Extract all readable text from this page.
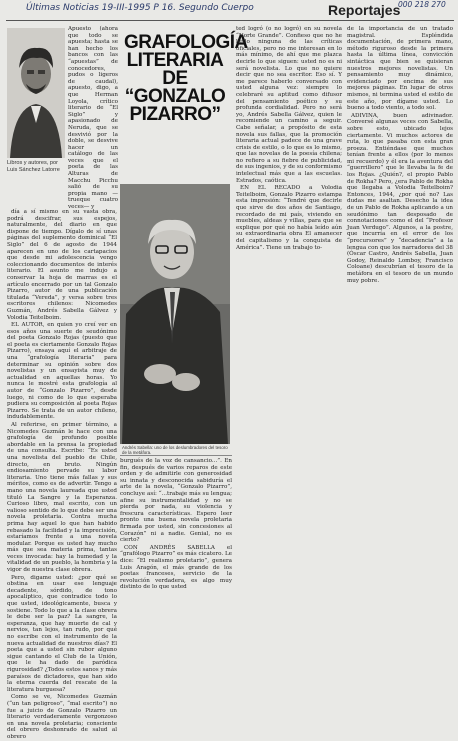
Últimas Noticias 19-III-1995 P 16. Segundo Cuerpo	000 218 270
Reportajes
Libros y autores, por Luis Sánchez Latorre

Apuesto (ahora que todo se apuesta; hasta se han hecho los bancos con las “apuestas” de conocedores, pudos o ligeros de caudal), apuesto, digo, a que Herman Loyola, crítico literario de “El Siglo” y apasionado de Neruda, que se desvivió por la doble, se desvive hacer un catálogo de las veces que el poeta de las Alturas de Macchu Picchu salió de su propia mano —trueque cuatro veces— y

día a sí mismo en su vasta obra, podrá descifrar, sus espejos, naturalmente, del diario en que dispone de tiempo. Dígalo de sí unas páginas del suplemento dominical “El Siglo” del 6 de agosto de 1944 aparecen en uno de los cartapacios que desde mi adolescencia vengo coleccionando documentos de interés literario. El asunto me indujo a conservar la hoja de marras es el artículo encerrado por un tal Gonzalo Pizarro, autor de una publicación titulada “Vereda”, y versa sobre tres escritores chilenos: Nicomedes Guzmán, Andrés Sabella Gálvez y Volodia Teitelboim.

EL AUTOR, en quien yo creí ver en esos años una suerte de seudónimo del poeta Gonzalo Rojas (puesto que el poeta es ciertamente Gonzalo Rojas Pizarro), ensaya aquí el arbitraje de una “grafología literaria” para determinar su opinión sobre dos novelistas y un ensayista muy de actualidad en aquellas horas. Yo nunca le mostré esta grafología al autor de “Gonzalo Pizarro”, desde luego, ni como de lo que esperaba pudiera su composición al poeta Rojas Pizarro. Se trata de un autor chileno, indudablemente.

Al referirse, en primer término, a Nicomedes Guzmán le hace con una grafología de profundo posible abordable en la prensa la propiedad de una consulta. Escribe: “Es usted una novelista del pueblo de Chile, directo, en bruto. Ningún endiosamiento pervade su labor literaria. Uno tiene más fallas y sus méritos, como es de advertir. Tengo a mano una novela laureada que usted tituló La Sangre y la Esperanza. Curioso libro, mal escrito, con un valioso sentido de lo que debe ser una novela proletaria. Contra mucha prima hay aquel lo que han habido rebasado la facilidad y la imprecisión, estaríamos frente a una novela modular. Porque es usted hay mucho más que sea materia prima, tantas veces invocada: hay la humedad y la vitalidad de un pueblo, la hombría y la vigor de nuestra clase obrera.

Pero, digame usted: ¿por qué se obstina en usar ese lenguaje decadente, sórdido, de tono apocalíptico, que contradice todo lo que usted, ideológicamente, busca y sostiene. Todo lo que a la clase obrera le debe ser la paz? La sangre, la esperanza, que hay muerte de cal y nervios, tan lejos, tan rudo, por qué no escribe con el instrumento de la nueva actualidad de nuestros días? El poeta que a usted sin rubor alguno sigue cantando el Club de la Unión, que le ha dado de paródica rigurosidad? ¿Todos estos sanos y más paraísos de dictadores, que han sido la eterna cuerda del rescate de la literatura burguesa?

Como se ve, Nicomedes Guzmán (“un tan peligroso”, “mal escrito”) no fue a juicio de Gonzalo Pizarro un literario verdaderamente vergonzoso en una novela proletaria; consciente del obrero deshonrado de salud al obrero

GRAFOLOGÍA
LITERARIA DE
“GONZALO
PIZARRO”
Andrés Sabella: uno de los deslumbradores del tesoro de la metáfora.

ted logró (o no logró) en su novela “Norte Grande”. Confieso que no he leído ninguna de las críticas oficiales, pero no me interesan en lo más mínimo, de ahí que me plazca decirle lo que siguen: usted no es ni será novelista. Lo que no quiere decir que no sea escritor. Eso sí. Y me parece haberlo conversado con usted alguna vez: siempre lo celebraré su aptitud como difusor del pensamiento poético y su profunda cordialidad. Pero no será yo, Andrés Sabella Gálvez, quien le recomiende un camino a seguir. Cabe señalar, a propósito de esta novela sus fallas, que la promoción literaria actual padece de una grave crisis de estilo, o lo que es lo mismo, que las novelas de la poesía chilena; no refiero a su fiebre de publicidad, de sus ingenios, y de su conformismo intelectual más que a las escuelas. Estrados, caótica.

EN EL RECADO a Volodia Teitelboim, Gonzalo Pizarro estampa esta impresión: “Tendré que decirle que sirve de dos años de Santiago, recordado de mi país, viviendo en muebles, aldeas y villas, para que se explique por qué no había leído aún su extraordinaria obra El amanecer del capitalismo y la conquista de América”. Tiene un trabajo to-

burgués de la voz de cansancio...”. En fin, después de varios reparos de este orden y de admitirle con generosidad su innata y desconocida sabiduría el arte de la novela, “Gonzalo Pizarro”, concluye así: “...trabaje más su lengua; afine su instrumentalidad y no se pierda por nada, su violencia y frescura características. Espero leer pronto una buena novela proletaria firmada por usted, sin concesiones al Corazón” ni a nadie. Genial, no es cierto?

CON ANDRÉS SABELLA el “grafólogo Pizarro” es más cicatero. Le dice: “El realismo proletario”, genera Luis Aragón, el más grande de los poetas franceses, servicio de la revolución verdadera, es algo muy distinto de lo que usted

de la importancia de un tratado magistral. Espléndida documentación, de primera mano, método riguroso desde la primera hasta la última línea, convicción sintáctica que bien se quisieran nuestros mejores novelistas. Un pensamiento muy dinámico, evidenciado por encima de sus mejores páginas. En lugar de otros mismos, ni termina usted el estilo de este año, por dígame usted. Lo bueno a todo viento, a todo sol.

ADIVINA, buen adivinador. Conversé algunas veces con Sabella, sobre esto, ubicado lejos ciertamente. Vi muchos actores de ruta, lo que pasaba con esta gran proeza. Entiéndase que muchos tenían frente a ellos (por lo menos mi recuerdo) y él era la aventura del “guerrillero” que le llevaba la fe de los Rojas. ¿Quién?, el propio Pablo de Rokha? Pero, ¿era Pablo de Rokha que llegaba a Volodia Teitelboim? Entonces, 1944, ¿por qué no? Las dudas me asaltan. Desecho la idea de un Pablo de Rokha aplicando a un seudónimo tan desposado de connotaciones como el del “Profesor Juan Verdugo”. Algunos, a la postre, que incurría en el error de los “precursores” y “decadencia” a la lengua con que los narradores del 38 (Óscar Castro, Andrés Sabella, Juan Godoy, Reinaldo Lomboy, Francisco Coloane) descubrían el tesoro de la metáfora en el tesoro de un mundo muy pobre.
